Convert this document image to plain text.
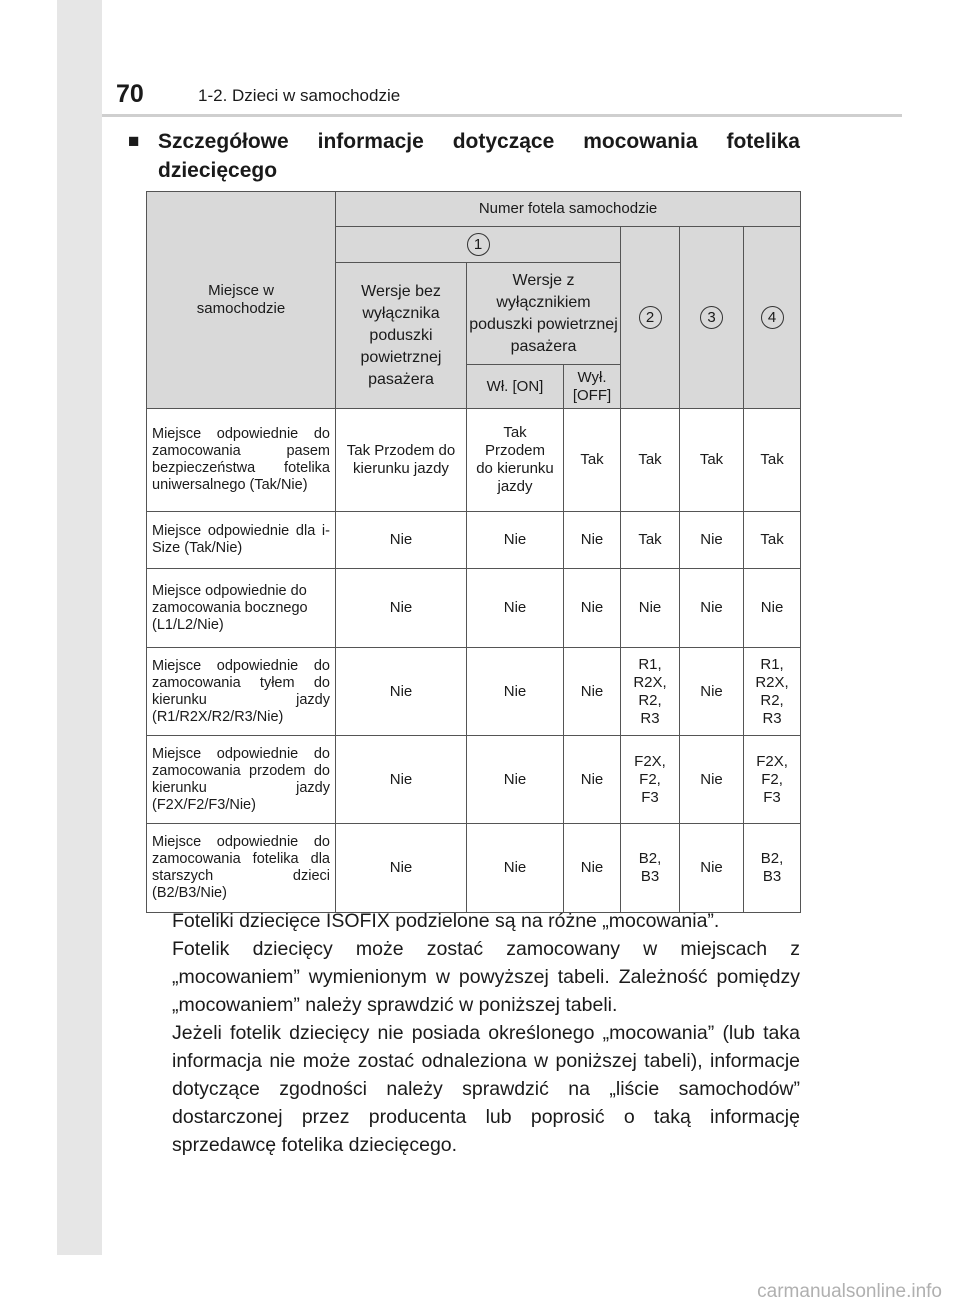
70	1-2. Dzieci w samochodzie
■ Szczegółowe informacje dotyczące mocowania fotelika dziecięcego
Miejsce w samochodzie	Numer fotela samochodzie					
	1			2	3	4
	Wersje bez wyłącznika poduszki powietrznej pasażera	Wersje z wyłącznikiem poduszki powietrznej pasażera				
		Wł. [ON]	Wył. [OFF]			

Miejsce odpowiednie do zamocowania pasem bezpieczeństwa fotelika uniwersalnego (Tak/Nie)	Tak Przodem do kierunku jazdy	Tak Przodem do kierunku jazdy	Tak	Tak	Tak	Tak

Miejsce odpowiednie dla i-Size (Tak/Nie)	Nie	Nie	Nie	Tak	Nie	Tak

Miejsce odpowiednie do zamocowania bocznego (L1/L2/Nie)	Nie	Nie	Nie	Nie	Nie	Nie

Miejsce odpowiednie do zamocowania tyłem do kierunku jazdy (R1/R2X/R2/R3/Nie)	Nie	Nie	Nie	R1, R2X, R2, R3	Nie	R1, R2X, R2, R3

Miejsce odpowiednie do zamocowania przodem do kierunku jazdy (F2X/F2/F3/Nie)	Nie	Nie	Nie	F2X, F2, F3	Nie	F2X, F2, F3

Miejsce odpowiednie do zamocowania fotelika dla starszych dzieci (B2/B3/Nie)	Nie	Nie	Nie	B2, B3	Nie	B2, B3

Foteliki dziecięce ISOFIX podzielone są na różne „mocowania”.

Fotelik dziecięcy może zostać zamocowany w miejscach z „mocowaniem” wymienionym w powyższej tabeli. Zależność pomiędzy „mocowaniem” należy sprawdzić w poniższej tabeli.

Jeżeli fotelik dziecięcy nie posiada określonego „mocowania” (lub taka informacja nie może zostać odnaleziona w poniższej tabeli), informacje dotyczące zgodności należy sprawdzić na „liście samochodów” dostarczonej przez producenta lub poprosić o taką informację sprzedawcę fotelika dziecięcego.

carmanualsonline.info
